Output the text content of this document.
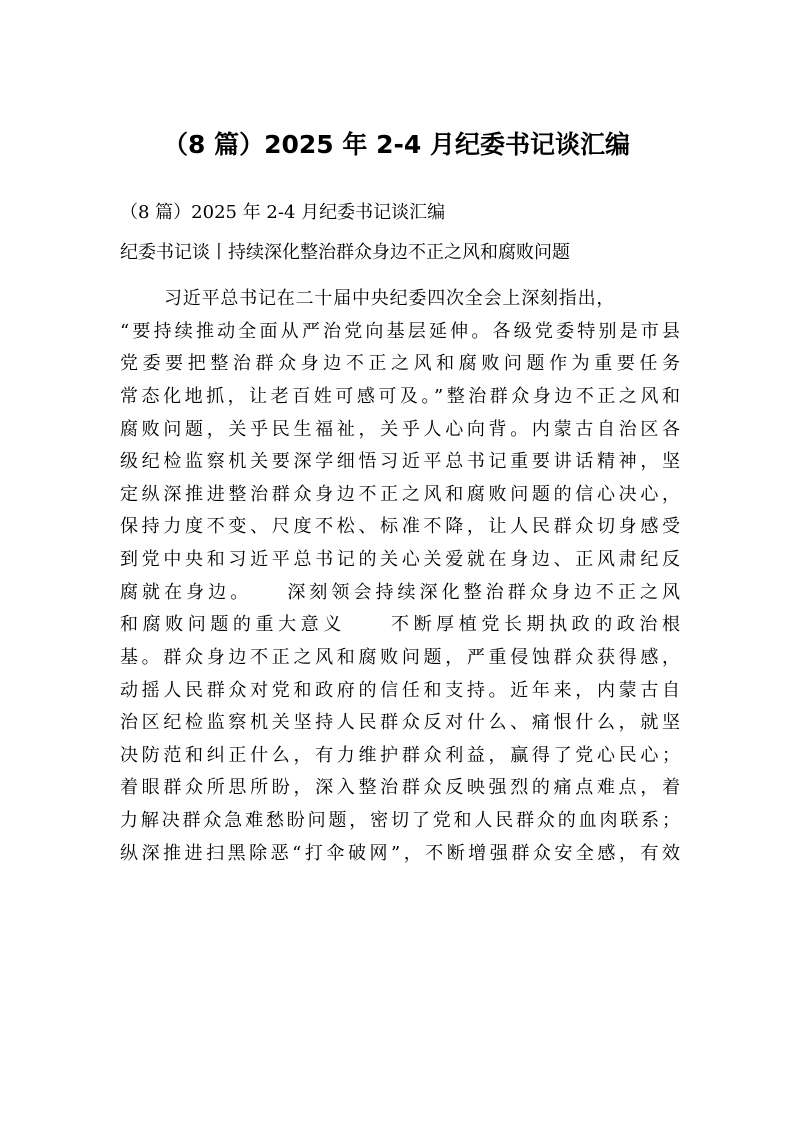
（8 篇）2025 年 2-4 月纪委书记谈汇编

（8 篇）2025 年 2-4 月纪委书记谈汇编

纪委书记谈丨持续深化整治群众身边不正之风和腐败问题

习近平总书记在二十届中央纪委四次全会上深刻指出，
“要持续推动全面从严治党向基层延伸。各级党委特别是市县
党委要把整治群众身边不正之风和腐败问题作为重要任务
常态化地抓，让老百姓可感可及。”整治群众身边不正之风和
腐败问题，关乎民生福祉，关乎人心向背。内蒙古自治区各
级纪检监察机关要深学细悟习近平总书记重要讲话精神，坚
定纵深推进整治群众身边不正之风和腐败问题的信心决心，
保持力度不变、尺度不松、标准不降，让人民群众切身感受
到党中央和习近平总书记的关心关爱就在身边、正风肃纪反
腐就在身边。　　深刻领会持续深化整治群众身边不正之风
和腐败问题的重大意义　　不断厚植党长期执政的政治根
基。群众身边不正之风和腐败问题，严重侵蚀群众获得感，
动摇人民群众对党和政府的信任和支持。近年来，内蒙古自
治区纪检监察机关坚持人民群众反对什么、痛恨什么，就坚
决防范和纠正什么，有力维护群众利益，赢得了党心民心；
着眼群众所思所盼，深入整治群众反映强烈的痛点难点，着
力解决群众急难愁盼问题，密切了党和人民群众的血肉联系；
纵深推进扫黑除恶“打伞破网”，不断增强群众安全感，有效
